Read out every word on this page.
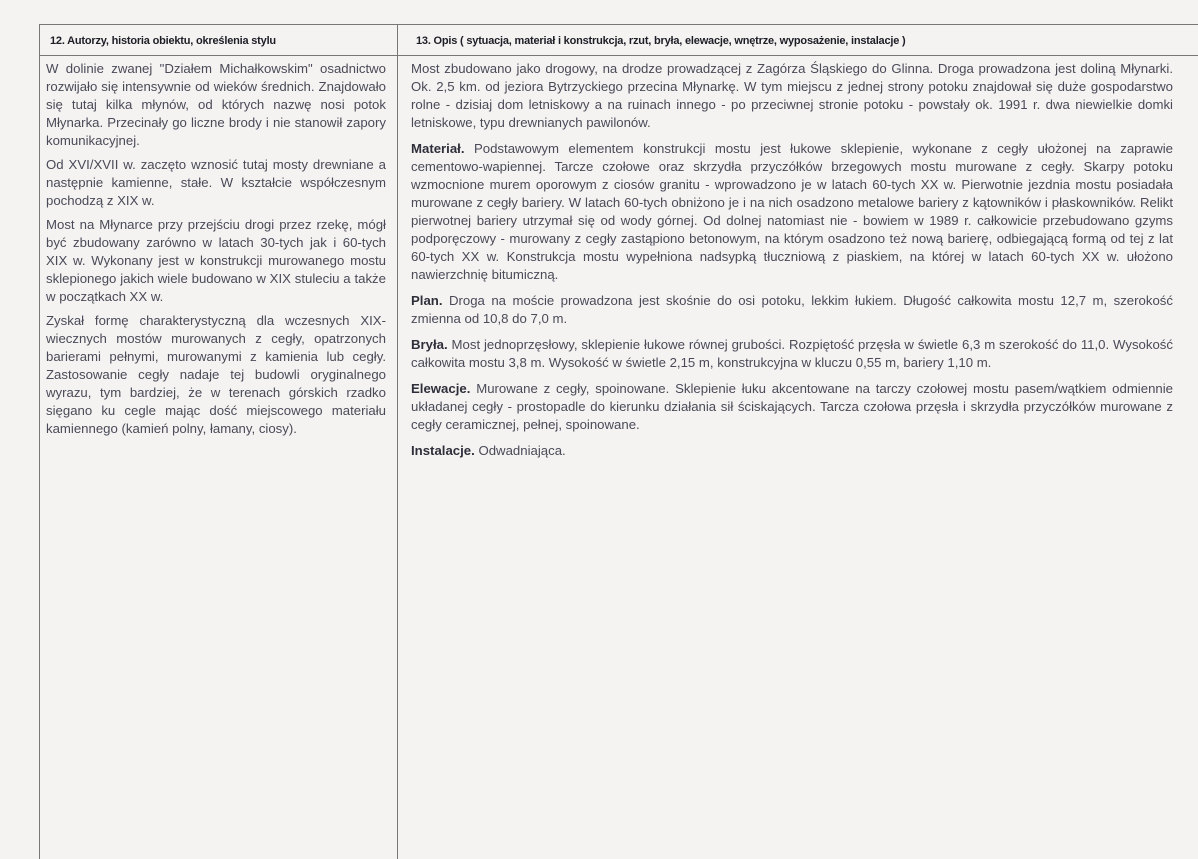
12. Autorzy, historia obiektu, określenia stylu	13. Opis ( sytuacja, materiał i konstrukcja, rzut, bryła, elewacje, wnętrze, wyposażenie, instalacje )

W dolinie zwanej "Działem Michałkowskim" osadnictwo rozwijało się intensywnie od wieków średnich. Znajdowało się tutaj kilka młynów, od których nazwę nosi potok Młynarka. Przecinały go liczne brody i nie stanowił zapory komunikacyjnej.

Od XVI/XVII w. zaczęto wznosić tutaj mosty drewniane a następnie kamienne, stałe. W kształcie współczesnym pochodzą z XIX w.

Most na Młynarce przy przejściu drogi przez rzekę, mógł być zbudowany zarówno w latach 30-tych jak i 60-tych XIX w. Wykonany jest w konstrukcji murowanego mostu sklepionego jakich wiele budowano w XIX stuleciu a także w początkach XX w.

Zyskał formę charakterystyczną dla wczesnych XIX-wiecznych mostów murowanych z cegły, opatrzonych barierami pełnymi, murowanymi z kamienia lub cegły. Zastosowanie cegły nadaje tej budowli oryginalnego wyrazu, tym bardziej, że w terenach górskich rzadko sięgano ku cegle mając dość miejscowego materiału kamiennego (kamień polny, łamany, ciosy).

Most zbudowano jako drogowy, na drodze prowadzącej z Zagórza Śląskiego do Glinna. Droga prowadzona jest doliną Młynarki. Ok. 2,5 km. od jeziora Bytrzyckiego przecina Młynarkę. W tym miejscu z jednej strony potoku znajdował się duże gospodarstwo rolne - dzisiaj dom letniskowy a na ruinach innego - po przeciwnej stronie potoku - powstały ok. 1991 r. dwa niewielkie domki letniskowe, typu drewnianych pawilonów.

Materiał. Podstawowym elementem konstrukcji mostu jest łukowe sklepienie, wykonane z cegły ułożonej na zaprawie cementowo-wapiennej. Tarcze czołowe oraz skrzydła przyczółków brzegowych mostu murowane z cegły. Skarpy potoku wzmocnione murem oporowym z ciosów granitu - wprowadzono je w latach 60-tych XX w. Pierwotnie jezdnia mostu posiadała murowane z cegły bariery. W latach 60-tych obniżono je i na nich osadzono metalowe bariery z kątowników i płaskowników. Relikt pierwotnej bariery utrzymał się od wody górnej. Od dolnej natomiast nie - bowiem w 1989 r. całkowicie przebudowano gzyms podporęczowy - murowany z cegły zastąpiono betonowym, na którym osadzono też nową barierę, odbiegającą formą od tej z lat 60-tych XX w. Konstrukcja mostu wypełniona nadsypką tłuczniową z piaskiem, na której w latach 60-tych XX w. ułożono nawierzchnię bitumiczną.

Plan. Droga na moście prowadzona jest skośnie do osi potoku, lekkim łukiem. Długość całkowita mostu 12,7 m, szerokość zmienna od 10,8 do 7,0 m.

Bryła. Most jednoprzęsłowy, sklepienie łukowe równej grubości. Rozpiętość przęsła w świetle 6,3 m szerokość do 11,0. Wysokość całkowita mostu 3,8 m. Wysokość w świetle 2,15 m, konstrukcyjna w kluczu 0,55 m, bariery 1,10 m.

Elewacje. Murowane z cegły, spoinowane. Sklepienie łuku akcentowane na tarczy czołowej mostu pasem/wątkiem odmiennie układanej cegły - prostopadle do kierunku działania sił ściskających. Tarcza czołowa przęsła i skrzydła przyczółków murowane z cegły ceramicznej, pełnej, spoinowane.

Instalacje. Odwadniająca.
